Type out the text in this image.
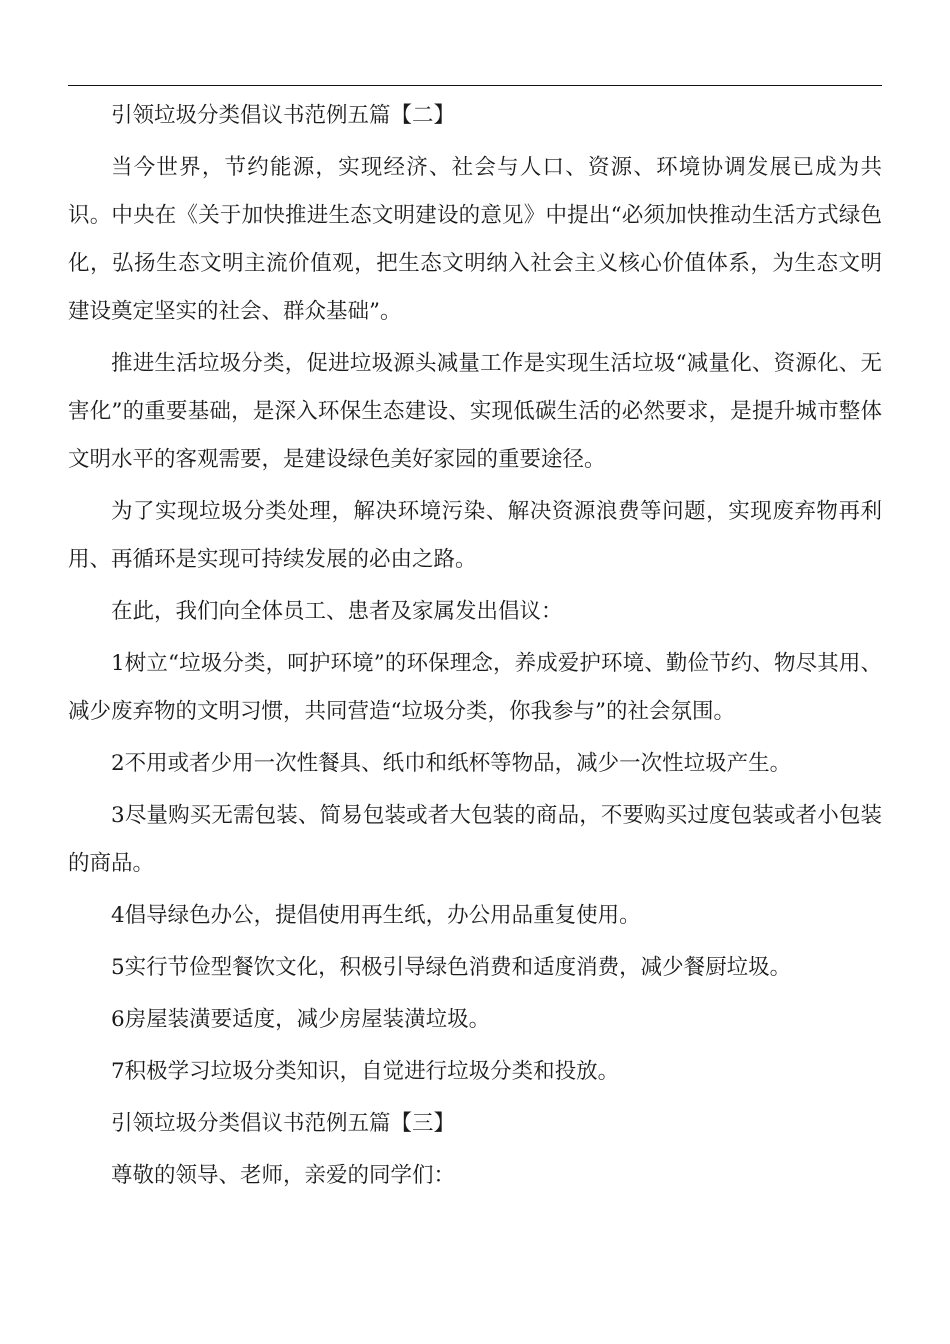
引领垃圾分类倡议书范例五篇【二】

当今世界，节约能源，实现经济、社会与人口、资源、环境协调发展已成为共识。中央在《关于加快推进生态文明建设的意见》中提出“必须加快推动生活方式绿色化，弘扬生态文明主流价值观，把生态文明纳入社会主义核心价值体系，为生态文明建设奠定坚实的社会、群众基础”。

推进生活垃圾分类，促进垃圾源头减量工作是实现生活垃圾“减量化、资源化、无害化”的重要基础，是深入环保生态建设、实现低碳生活的必然要求，是提升城市整体文明水平的客观需要，是建设绿色美好家园的重要途径。

为了实现垃圾分类处理，解决环境污染、解决资源浪费等问题，实现废弃物再利用、再循环是实现可持续发展的必由之路。

在此，我们向全体员工、患者及家属发出倡议：

1树立“垃圾分类，呵护环境”的环保理念，养成爱护环境、勤俭节约、物尽其用、减少废弃物的文明习惯，共同营造“垃圾分类，你我参与”的社会氛围。

2不用或者少用一次性餐具、纸巾和纸杯等物品，减少一次性垃圾产生。

3尽量购买无需包装、简易包装或者大包装的商品，不要购买过度包装或者小包装的商品。

4倡导绿色办公，提倡使用再生纸，办公用品重复使用。

5实行节俭型餐饮文化，积极引导绿色消费和适度消费，减少餐厨垃圾。

6房屋装潢要适度，减少房屋装潢垃圾。

7积极学习垃圾分类知识，自觉进行垃圾分类和投放。

引领垃圾分类倡议书范例五篇【三】

尊敬的领导、老师，亲爱的同学们：
